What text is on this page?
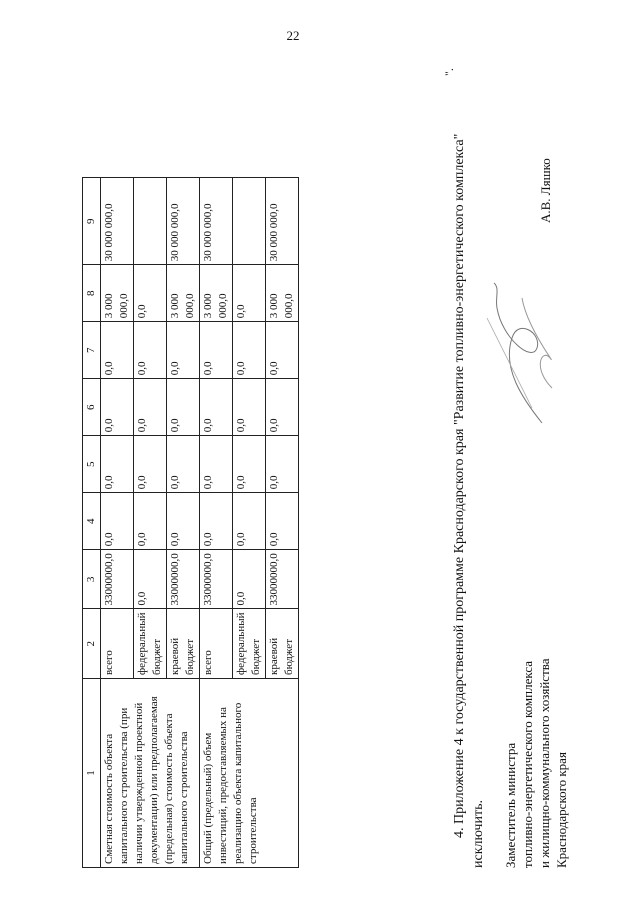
22
1	2	3	4	5	6	7	8	9
Сметная стоимость объекта капитального строительства (при наличии утвержденной проектной документации) или предполагаемая (предельная) стоимость объекта капитального строительства	всего	33000000,0	0,0	0,0	0,0	0,0	3 000 000,0	30 000 000,0
	федеральный бюджет	0,0	0,0	0,0	0,0	0,0	0,0	
	краевой бюджет	33000000,0	0,0	0,0	0,0	0,0	3 000 000,0	30 000 000,0
Общий (предельный) объем инвестиций, предоставляемых на реализацию объекта капитального строительства	всего	33000000,0	0,0	0,0	0,0	0,0	3 000 000,0	30 000 000,0
	федеральный бюджет	0,0	0,0	0,0	0,0	0,0	0,0	
	краевой бюджет	33000000,0	0,0	0,0	0,0	0,0	3 000 000,0	30 000 000,0
".
4. Приложение 4 к государственной программе Краснодарского края "Развитие топливно-энергетического комплекса" исключить. Заместитель министра топливно-энергетического комплекса и жилищно-коммунального хозяйства Краснодарского края
А.В. Ляшко
